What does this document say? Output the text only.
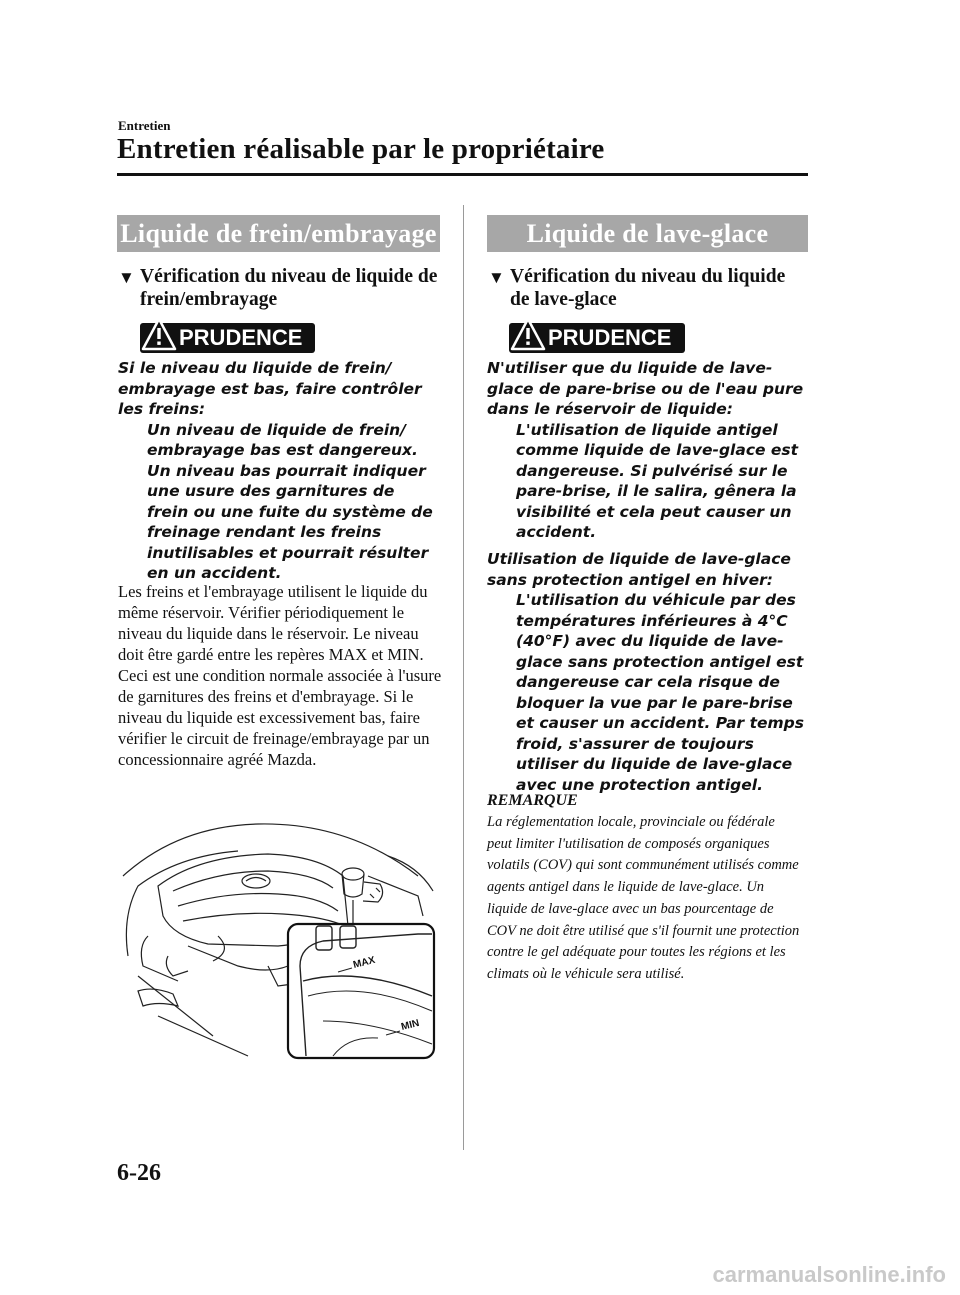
Entretien
Entretien réalisable par le propriétaire
Liquide de frein/embrayage
▼ Vérification du niveau de liquide de frein/embrayage
PRUDENCE

Si le niveau du liquide de frein/ embrayage est bas, faire contrôler les freins:

Un niveau de liquide de frein/ embrayage bas est dangereux. Un niveau bas pourrait indiquer une usure des garnitures de frein ou une fuite du système de freinage rendant les freins inutilisables et pourrait résulter en un accident.
Les freins et l'embrayage utilisent le liquide du même réservoir. Vérifier périodiquement le niveau du liquide dans le réservoir. Le niveau doit être gardé entre les repères MAX et MIN. Ceci est une condition normale associée à l'usure de garnitures des freins et d'embrayage. Si le niveau du liquide est excessivement bas, faire vérifier le circuit de freinage/embrayage par un concessionnaire agréé Mazda.
MAX
MIN
Liquide de lave-glace
▼ Vérification du niveau du liquide de lave-glace
PRUDENCE

N'utiliser que du liquide de lave-glace de pare-brise ou de l'eau pure dans le réservoir de liquide:

L'utilisation de liquide antigel comme liquide de lave-glace est dangereuse. Si pulvérisé sur le pare-brise, il le salira, gênera la visibilité et cela peut causer un accident.

Utilisation de liquide de lave-glace sans protection antigel en hiver:

L'utilisation du véhicule par des températures inférieures à 4°C (40°F) avec du liquide de lave-glace sans protection antigel est dangereuse car cela risque de bloquer la vue par le pare-brise et causer un accident. Par temps froid, s'assurer de toujours utiliser du liquide de lave-glace avec une protection antigel.
REMARQUE
La réglementation locale, provinciale ou fédérale peut limiter l'utilisation de composés organiques volatils (COV) qui sont communément utilisés comme agents antigel dans le liquide de lave-glace. Un liquide de lave-glace avec un bas pourcentage de COV ne doit être utilisé que s'il fournit une protection contre le gel adéquate pour toutes les régions et les climats où le véhicule sera utilisé.
6-26
carmanualsonline.info
